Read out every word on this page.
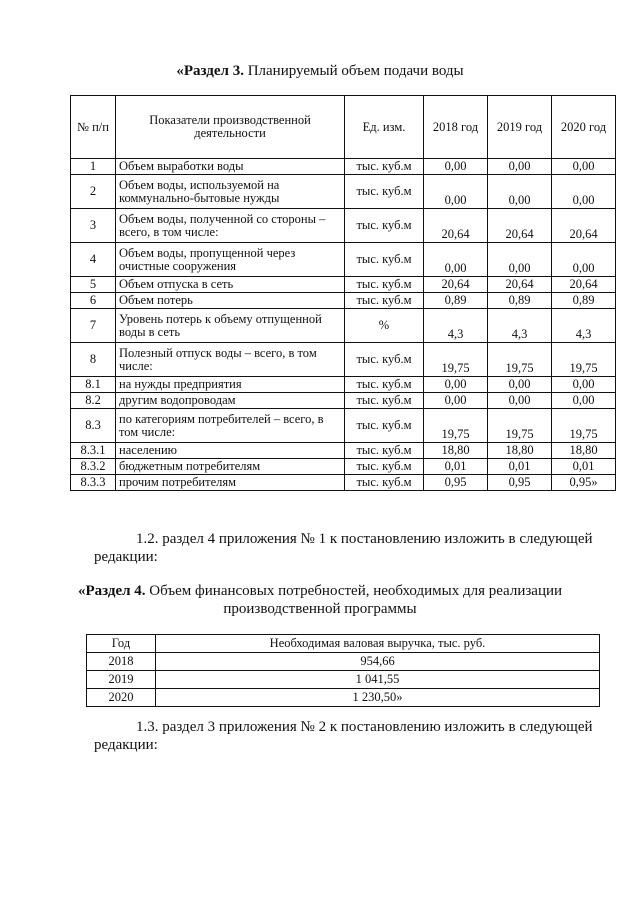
«Раздел 3. Планируемый объем подачи воды
№ п/п	Показатели производственной деятельности	Ед. изм.	2018 год	2019 год	2020 год
1	Объем выработки воды	тыс. куб.м	0,00	0,00	0,00
2	Объем воды, используемой на коммунально-бытовые нужды	тыс. куб.м	0,00	0,00	0,00
3	Объем воды, полученной со стороны – всего, в том числе:	тыс. куб.м	20,64	20,64	20,64
4	Объем воды, пропущенной через очистные сооружения	тыс. куб.м	0,00	0,00	0,00
5	Объем отпуска в сеть	тыс. куб.м	20,64	20,64	20,64
6	Объем потерь	тыс. куб.м	0,89	0,89	0,89
7	Уровень потерь к объему отпущенной воды в сеть	%	4,3	4,3	4,3
8	Полезный отпуск воды – всего, в том числе:	тыс. куб.м	19,75	19,75	19,75
8.1	на нужды предприятия	тыс. куб.м	0,00	0,00	0,00
8.2	другим водопроводам	тыс. куб.м	0,00	0,00	0,00
8.3	по категориям потребителей – всего, в том числе:	тыс. куб.м	19,75	19,75	19,75
8.3.1	населению	тыс. куб.м	18,80	18,80	18,80
8.3.2	бюджетным потребителям	тыс. куб.м	0,01	0,01	0,01
8.3.3	прочим потребителям	тыс. куб.м	0,95	0,95	0,95»

1.2. раздел 4 приложения № 1 к постановлению изложить в следующей
редакции:

«Раздел 4. Объем финансовых потребностей, необходимых для реализации
производственной программы
Год	Необходимая валовая выручка, тыс. руб.
2018	954,66
2019	1 041,55
2020	1 230,50»

1.3. раздел 3 приложения № 2 к постановлению изложить в следующей
редакции:
